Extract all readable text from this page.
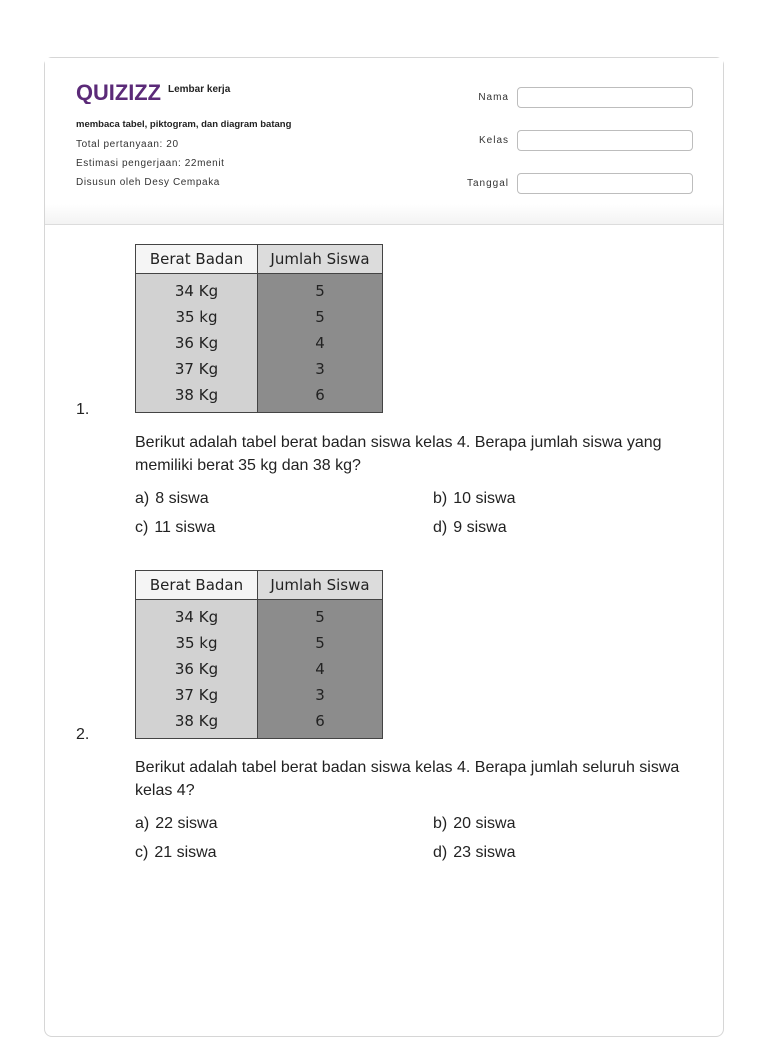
QUIZIZZ Lembar kerja
membaca tabel, piktogram, dan diagram batang
Total pertanyaan: 20
Estimasi pengerjaan: 22menit
Disusun oleh Desy Cempaka
Nama
Kelas
Tanggal
Berat Badan	Jumlah Siswa
34 Kg	5
35 kg	5
36 Kg	4
37 Kg	3
38 Kg	6
1.
Berikut adalah tabel berat badan siswa kelas 4. Berapa jumlah siswa yang memiliki berat 35 kg dan 38 kg?
a) 8 siswa	b) 10 siswa
c) 11 siswa	d) 9 siswa
Berat Badan	Jumlah Siswa
34 Kg	5
35 kg	5
36 Kg	4
37 Kg	3
38 Kg	6
2.
Berikut adalah tabel berat badan siswa kelas 4. Berapa jumlah seluruh siswa kelas 4?
a) 22 siswa	b) 20 siswa
c) 21 siswa	d) 23 siswa
